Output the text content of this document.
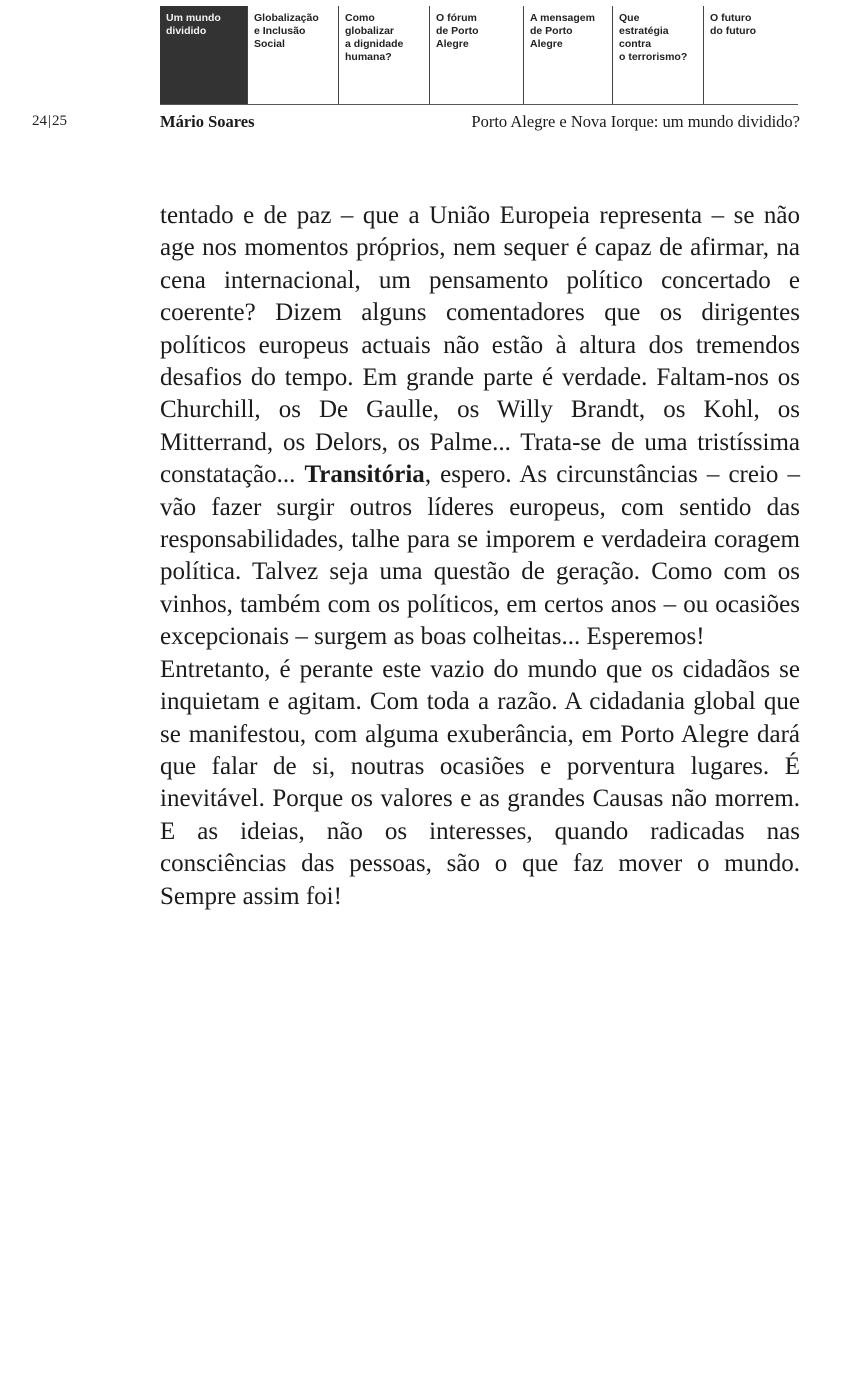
Um mundo
dividido
Globalização
e Inclusão
Social
Como
globalizar
a dignidade
humana?
O fórum
de Porto
Alegre
A mensagem
de Porto
Alegre
Que
estratégia
contra
o terrorismo?
O futuro
do futuro
24|25	Mário Soares	Porto Alegre e Nova Iorque: um mundo dividido?

tentado e de paz – que a União Europeia representa – se não age nos momentos próprios, nem sequer é capaz de afirmar, na cena internacional, um pensamento político concertado e coerente? Dizem alguns comentadores que os dirigentes políticos europeus actuais não estão à altura dos tremendos desafios do tempo. Em grande parte é verdade. Faltam-nos os Churchill, os De Gaulle, os Willy Brandt, os Kohl, os Mitterrand, os Delors, os Palme... Trata-se de uma tristíssima constatação... Transitória, espero. As circunstâncias – creio – vão fazer surgir outros líderes europeus, com sentido das responsabilidades, talhe para se imporem e verdadeira coragem política. Talvez seja uma questão de geração. Como com os vinhos, também com os políticos, em certos anos – ou ocasiões excepcionais – surgem as boas colheitas... Esperemos!

Entretanto, é perante este vazio do mundo que os cidadãos se inquietam e agitam. Com toda a razão. A cidadania global que se manifestou, com alguma exuberância, em Porto Alegre dará que falar de si, noutras ocasiões e porventura lugares. É inevitável. Porque os valores e as grandes Causas não morrem. E as ideias, não os interesses, quando radicadas nas consciências das pessoas, são o que faz mover o mundo. Sempre assim foi!
